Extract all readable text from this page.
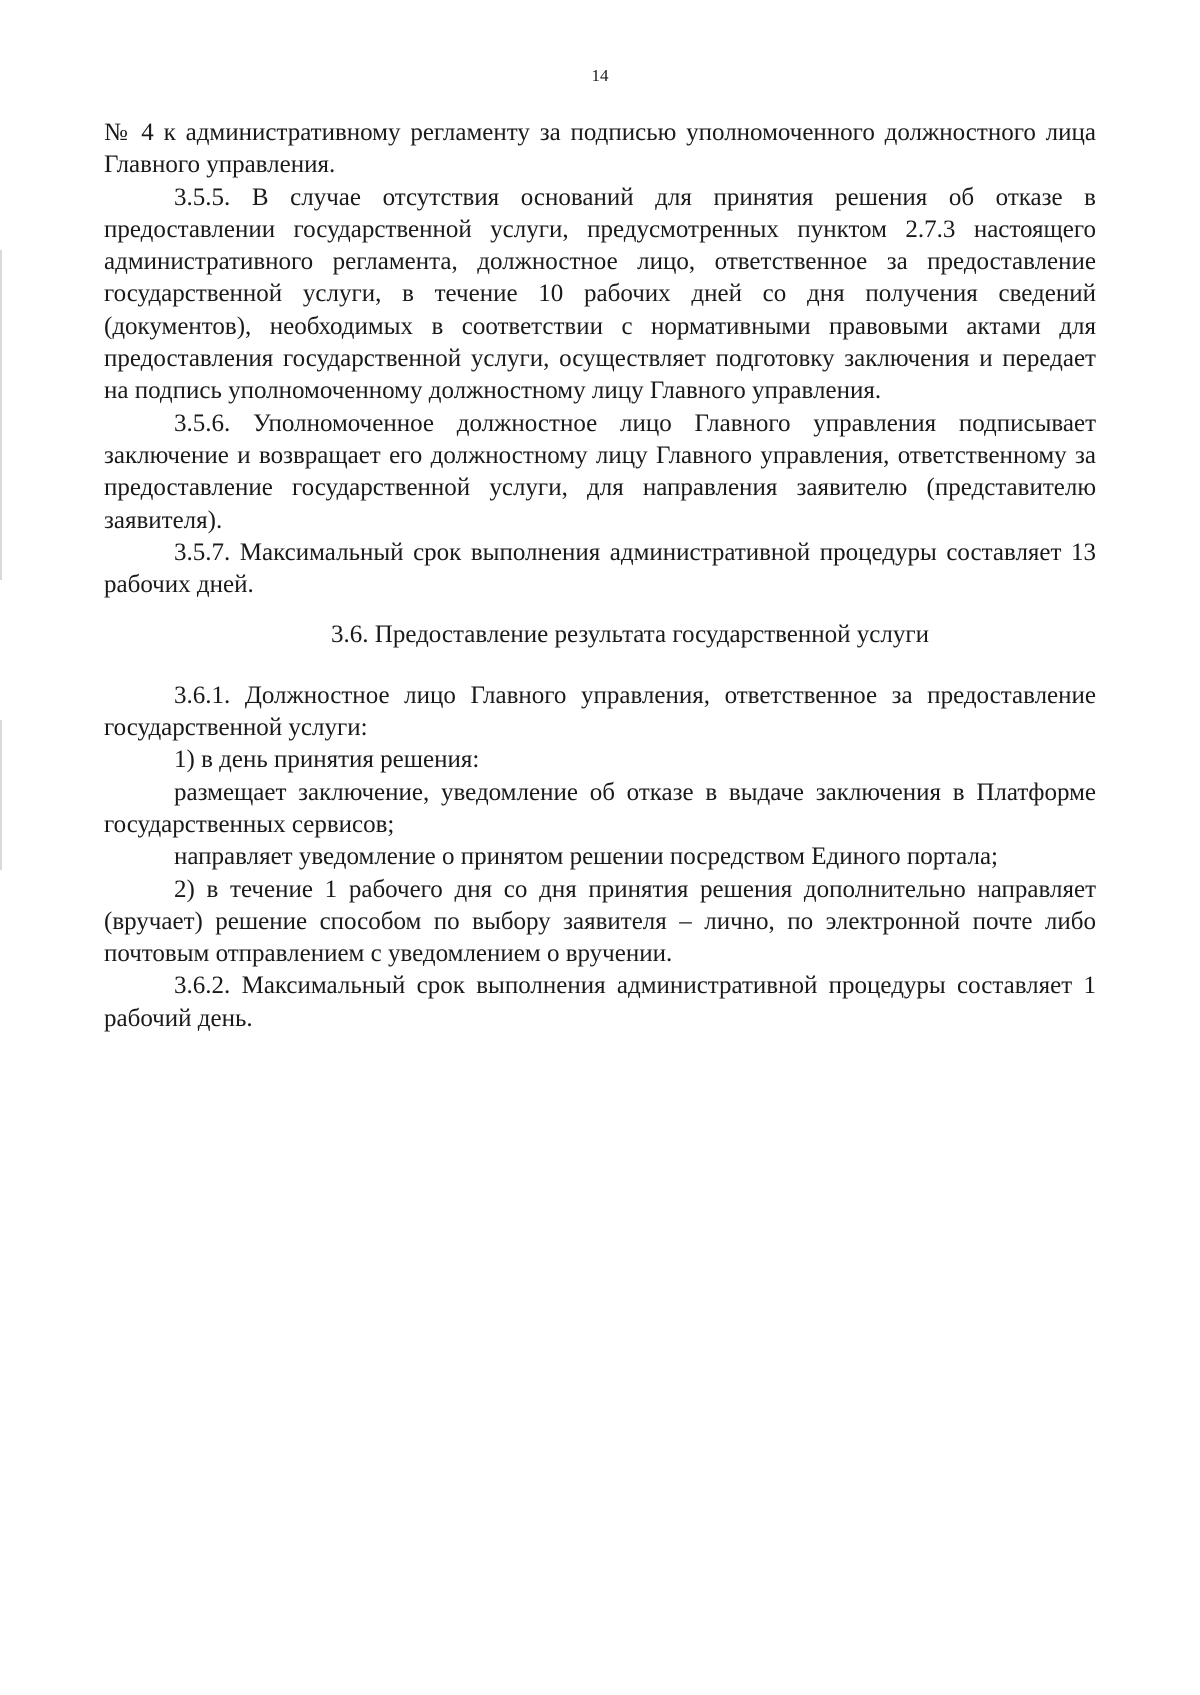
14

№ 4 к административному регламенту за подписью уполномоченного должностного лица Главного управления.

3.5.5. В случае отсутствия оснований для принятия решения об отказе в предоставлении государственной услуги, предусмотренных пунктом 2.7.3 настоящего административного регламента, должностное лицо, ответственное за предоставление государственной услуги, в течение 10 рабочих дней со дня получения сведений (документов), необходимых в соответствии с нормативными правовыми актами для предоставления государственной услуги, осуществляет подготовку заключения и передает на подпись уполномоченному должностному лицу Главного управления.

3.5.6. Уполномоченное должностное лицо Главного управления подписывает заключение и возвращает его должностному лицу Главного управления, ответственному за предоставление государственной услуги, для направления заявителю (представителю заявителя).

3.5.7. Максимальный срок выполнения административной процедуры составляет 13 рабочих дней.

3.6. Предоставление результата государственной услуги

3.6.1. Должностное лицо Главного управления, ответственное за предоставление государственной услуги:

1) в день принятия решения:

размещает заключение, уведомление об отказе в выдаче заключения в Платформе государственных сервисов;

направляет уведомление о принятом решении посредством Единого портала;

2) в течение 1 рабочего дня со дня принятия решения дополнительно направляет (вручает) решение способом по выбору заявителя – лично, по электронной почте либо почтовым отправлением с уведомлением о вручении.

3.6.2. Максимальный срок выполнения административной процедуры составляет 1 рабочий день.
